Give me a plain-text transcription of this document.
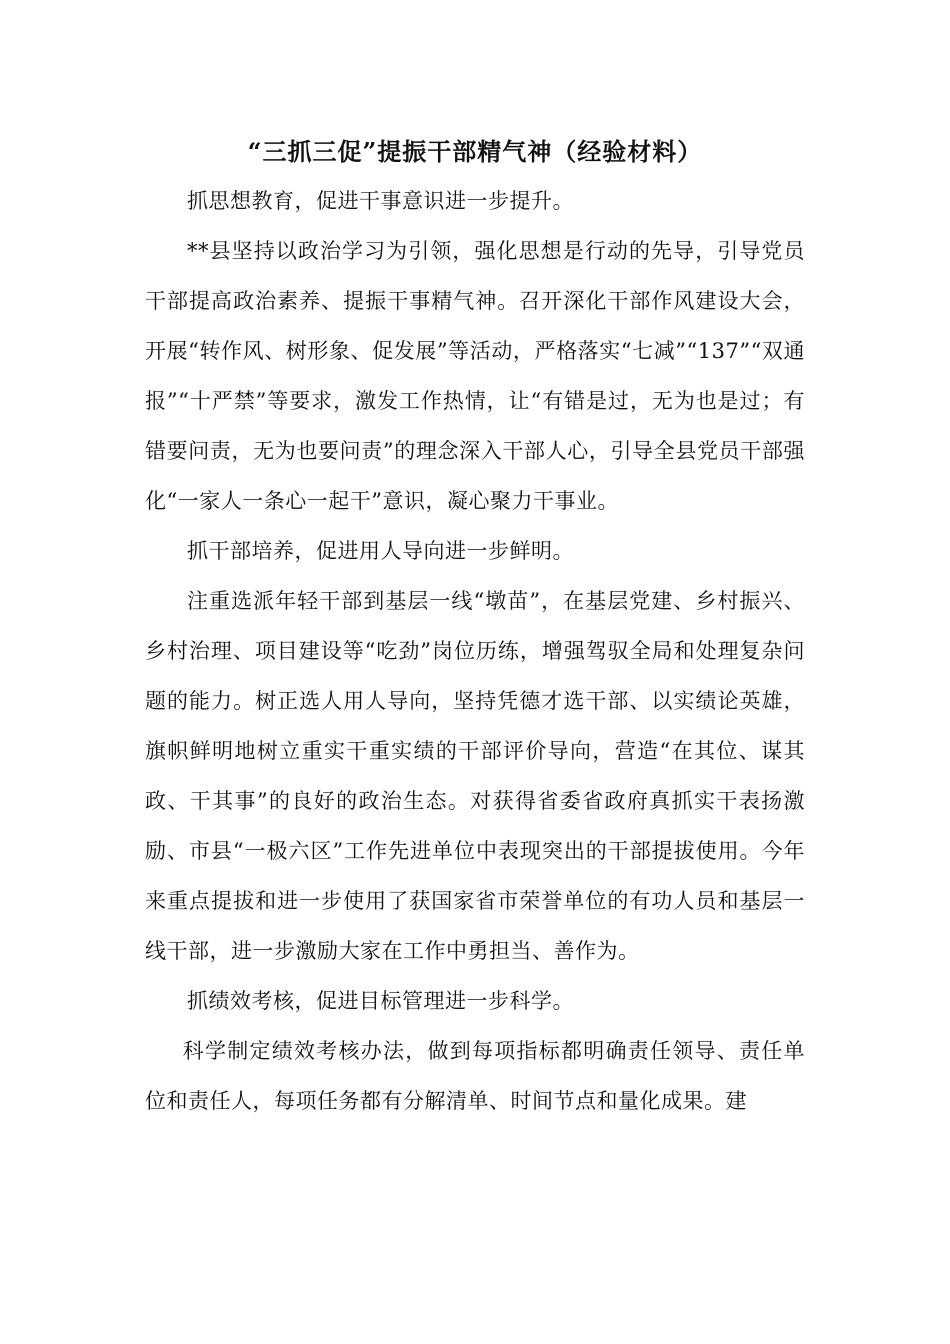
“三抓三促”提振干部精气神（经验材料）

抓思想教育，促进干事意识进一步提升。

**县坚持以政治学习为引领，强化思想是行动的先导，引导党员干部提高政治素养、提振干事精气神。召开深化干部作风建设大会，开展“转作风、树形象、促发展”等活动，严格落实“七减”“137”“双通报”“十严禁”等要求，激发工作热情，让“有错是过，无为也是过；有错要问责，无为也要问责”的理念深入干部人心，引导全县党员干部强化“一家人一条心一起干”意识，凝心聚力干事业。

抓干部培养，促进用人导向进一步鲜明。

注重选派年轻干部到基层一线“墩苗”，在基层党建、乡村振兴、乡村治理、项目建设等“吃劲”岗位历练，增强驾驭全局和处理复杂问题的能力。树正选人用人导向，坚持凭德才选干部、以实绩论英雄，旗帜鲜明地树立重实干重实绩的干部评价导向，营造“在其位、谋其政、干其事”的良好的政治生态。对获得省委省政府真抓实干表扬激励、市县“一极六区”工作先进单位中表现突出的干部提拔使用。今年来重点提拔和进一步使用了获国家省市荣誉单位的有功人员和基层一线干部，进一步激励大家在工作中勇担当、善作为。

抓绩效考核，促进目标管理进一步科学。

科学制定绩效考核办法，做到每项指标都明确责任领导、责任单位和责任人，每项任务都有分解清单、时间节点和量化成果。建
